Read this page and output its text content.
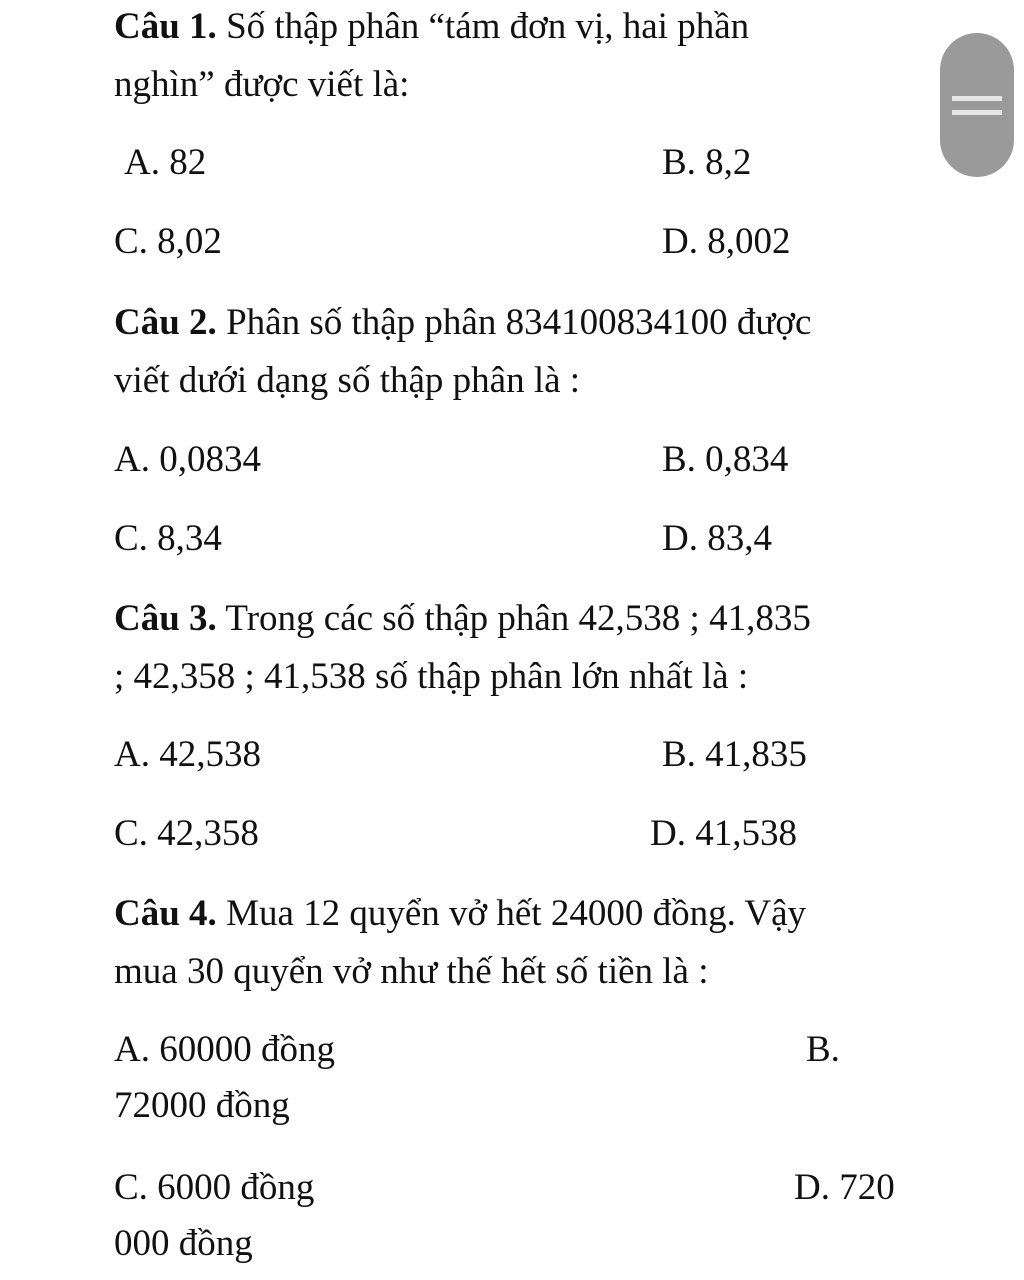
Câu 1. Số thập phân “tám đơn vị, hai phần
nghìn” được viết là:
A. 82	B. 8,2
C. 8,02	D. 8,002
Câu 2. Phân số thập phân 834100834100 được
viết dưới dạng số thập phân là :
A. 0,0834	B. 0,834
C. 8,34	D. 83,4
Câu 3. Trong các số thập phân 42,538 ; 41,835
; 42,358 ; 41,538 số thập phân lớn nhất là :
A. 42,538	B. 41,835
C. 42,358	D. 41,538
Câu 4. Mua 12 quyển vở hết 24000 đồng. Vậy
mua 30 quyển vở như thế hết số tiền là :
A. 60000 đồng	B.
72000 đồng
C. 6000 đồng	D. 720
000 đồng
